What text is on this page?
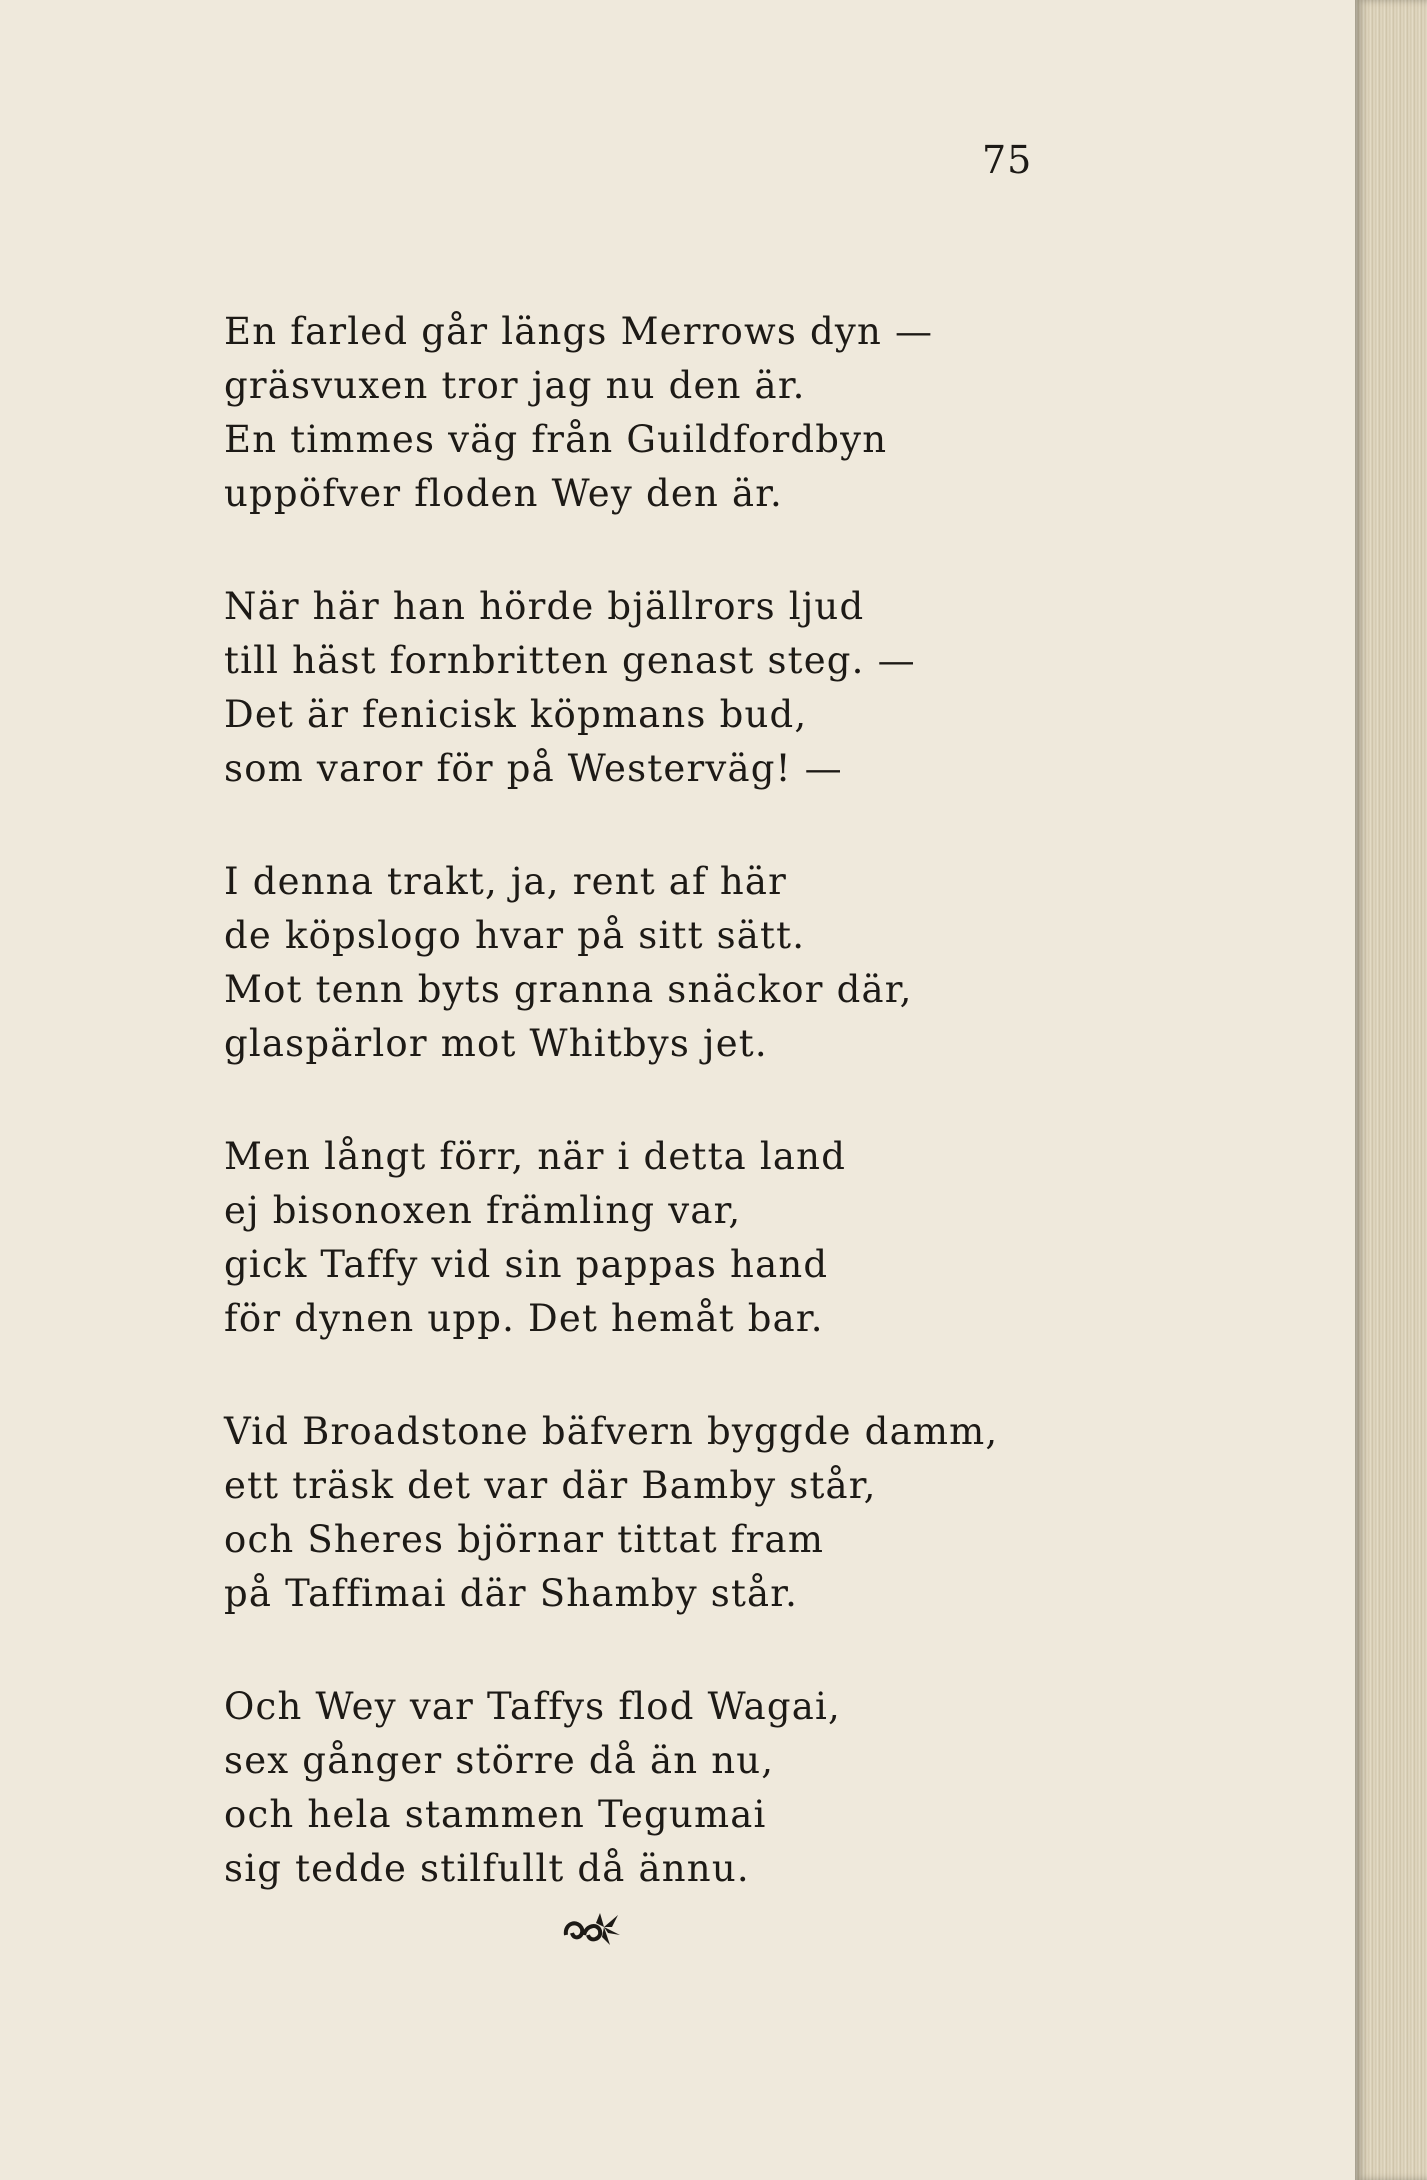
75
En farled går längs Merrows dyn —
gräsvuxen tror jag nu den är.
En timmes väg från Guildfordbyn
uppöfver floden Wey den är.
När här han hörde bjällrors ljud
till häst fornbritten genast steg. —
Det är fenicisk köpmans bud,
som varor för på Westerväg! —
I denna trakt, ja, rent af här
de köpslogo hvar på sitt sätt.
Mot tenn byts granna snäckor där,
glaspärlor mot Whitbys jet.
Men långt förr, när i detta land
ej bisonoxen främling var,
gick Taffy vid sin pappas hand
för dynen upp. Det hemåt bar.
Vid Broadstone bäfvern byggde damm,
ett träsk det var där Bamby står,
och Sheres björnar tittat fram
på Taffimai där Shamby står.
Och Wey var Taffys flod Wagai,
sex gånger större då än nu,
och hela stammen Tegumai
sig tedde stilfullt då ännu.
